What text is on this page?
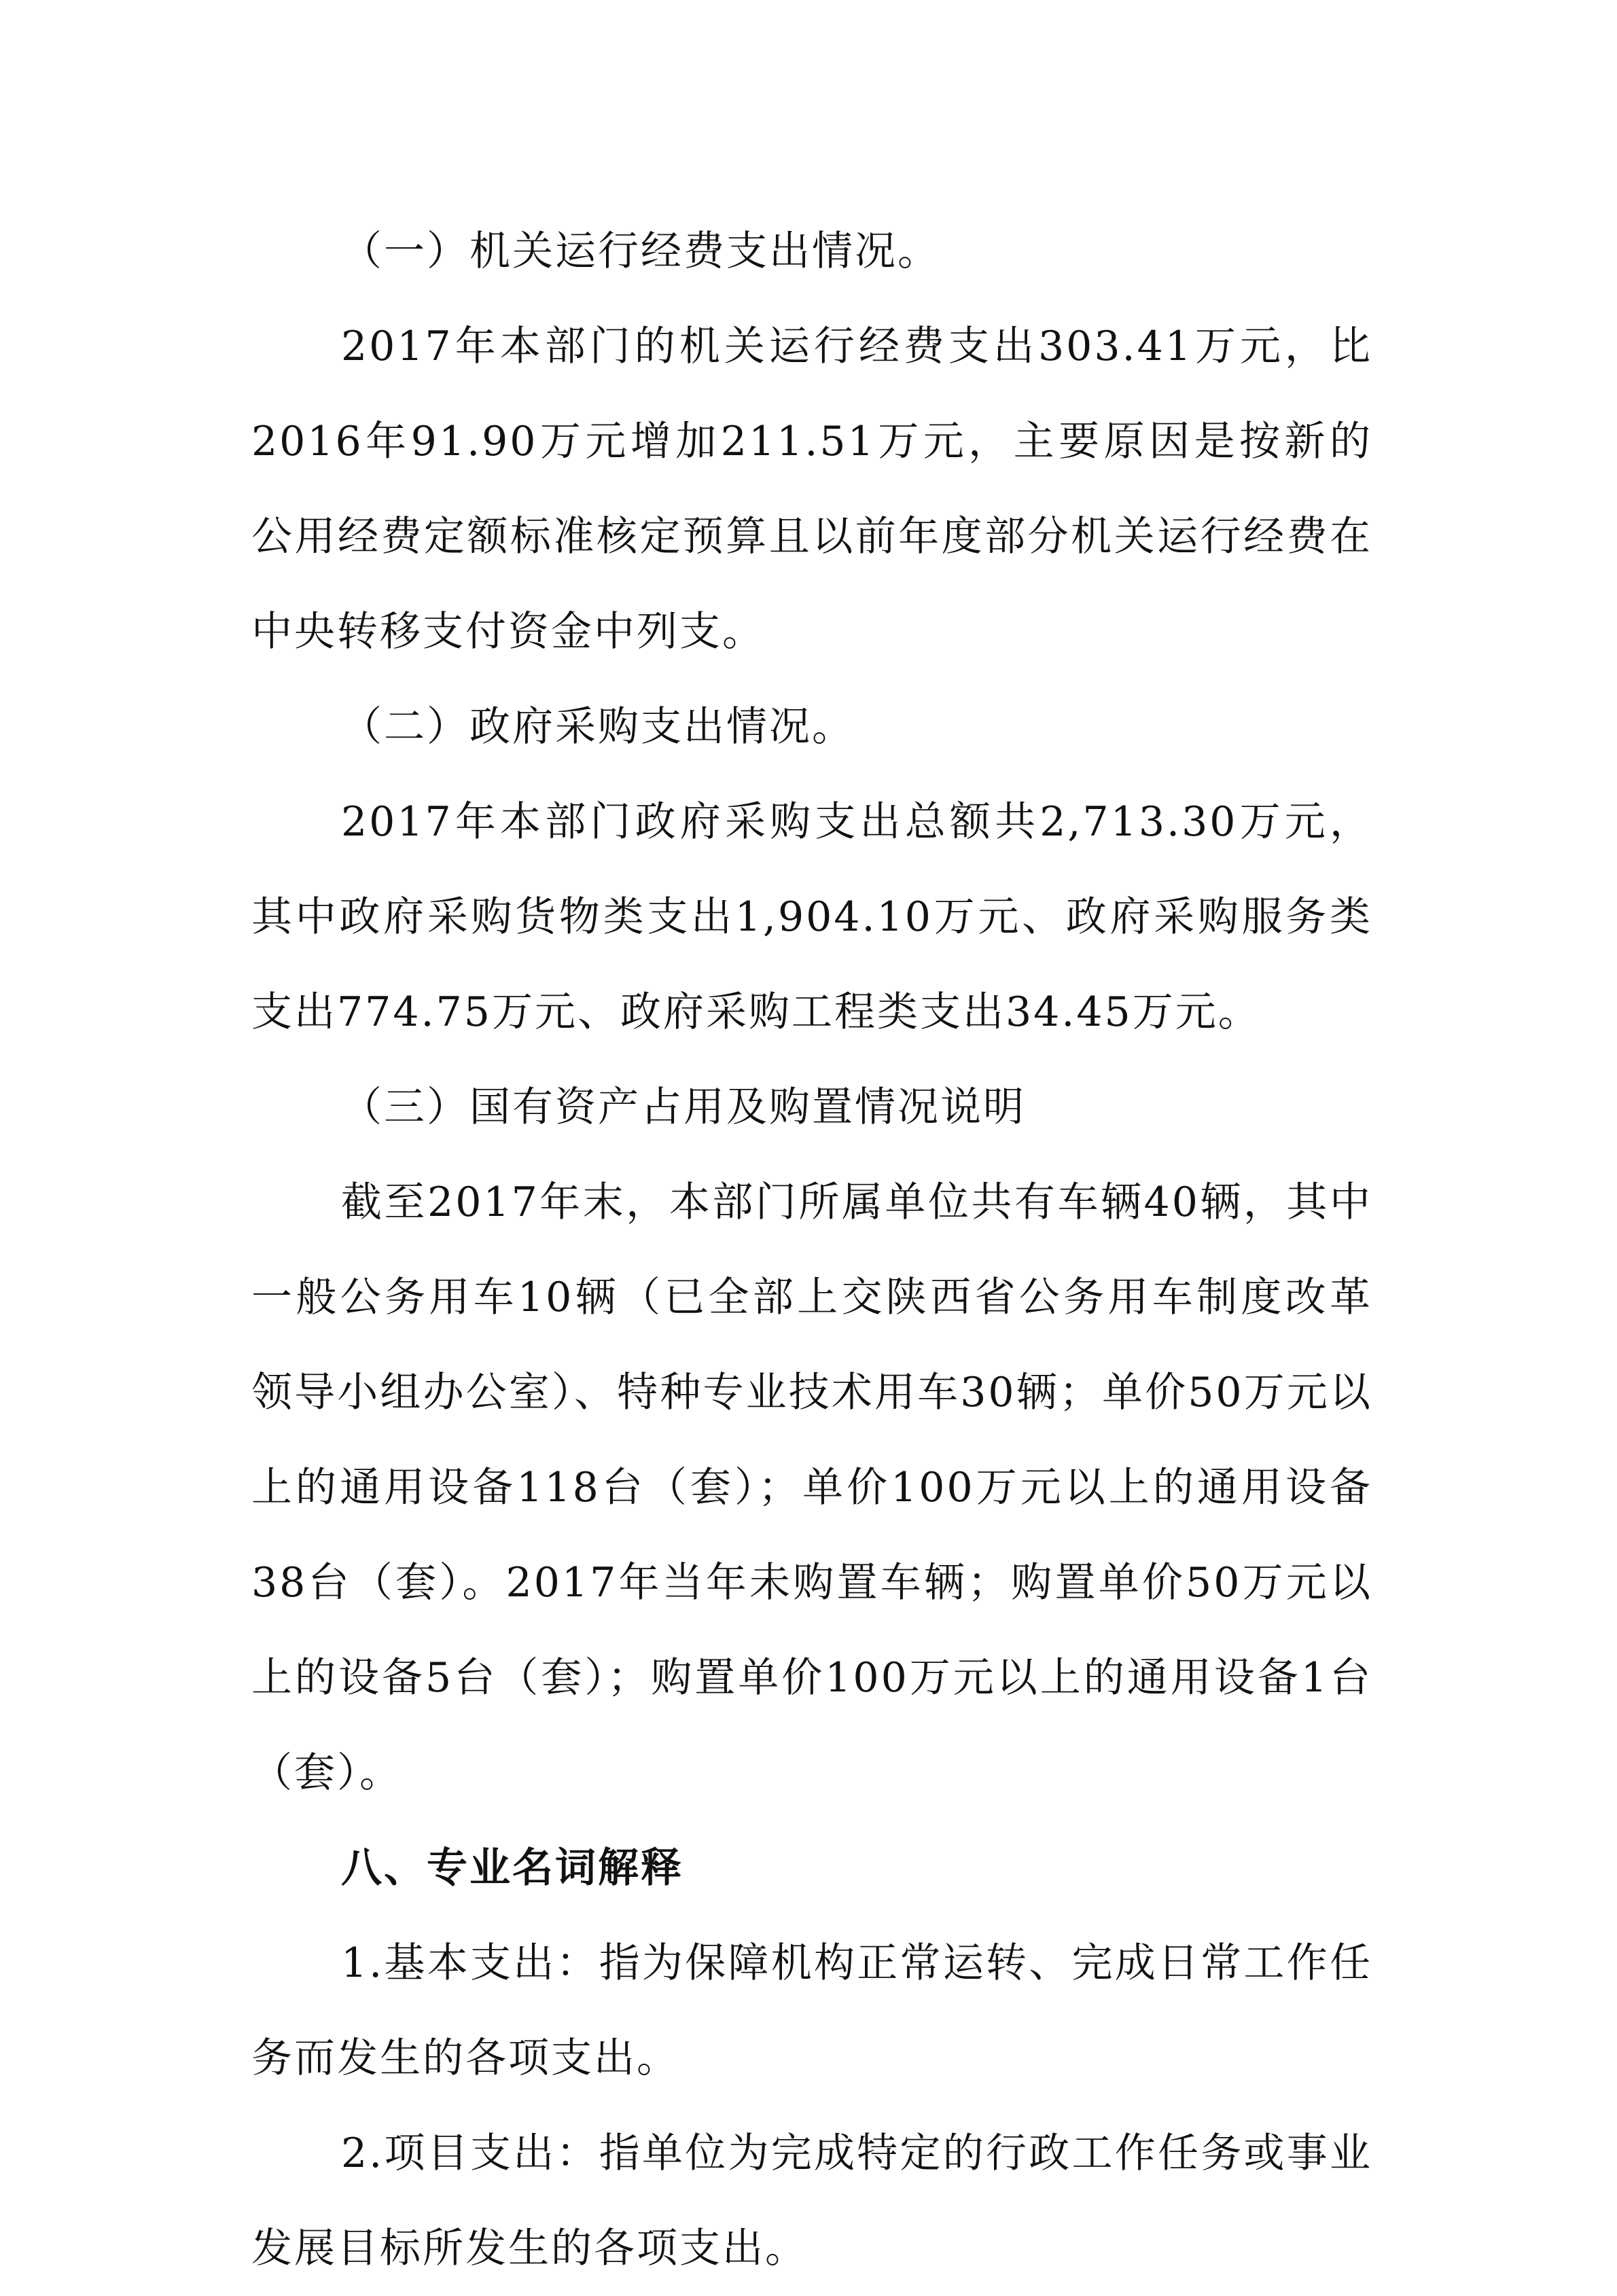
（一）机关运行经费支出情况。

2017年本部门的机关运行经费支出303.41万元，比2016年91.90万元增加211.51万元，主要原因是按新的公用经费定额标准核定预算且以前年度部分机关运行经费在中央转移支付资金中列支。

（二）政府采购支出情况。

2017年本部门政府采购支出总额共2,713.30万元，其中政府采购货物类支出1,904.10万元、政府采购服务类支出774.75万元、政府采购工程类支出34.45万元。

（三）国有资产占用及购置情况说明

截至2017年末，本部门所属单位共有车辆40辆，其中一般公务用车10辆（已全部上交陕西省公务用车制度改革领导小组办公室）、特种专业技术用车30辆；单价50万元以上的通用设备118台（套）；单价100万元以上的通用设备38台（套）。2017年当年未购置车辆；购置单价50万元以上的设备5台（套）；购置单价100万元以上的通用设备1台（套）。

八、专业名词解释

1.基本支出：指为保障机构正常运转、完成日常工作任务而发生的各项支出。

2.项目支出：指单位为完成特定的行政工作任务或事业发展目标所发生的各项支出。
